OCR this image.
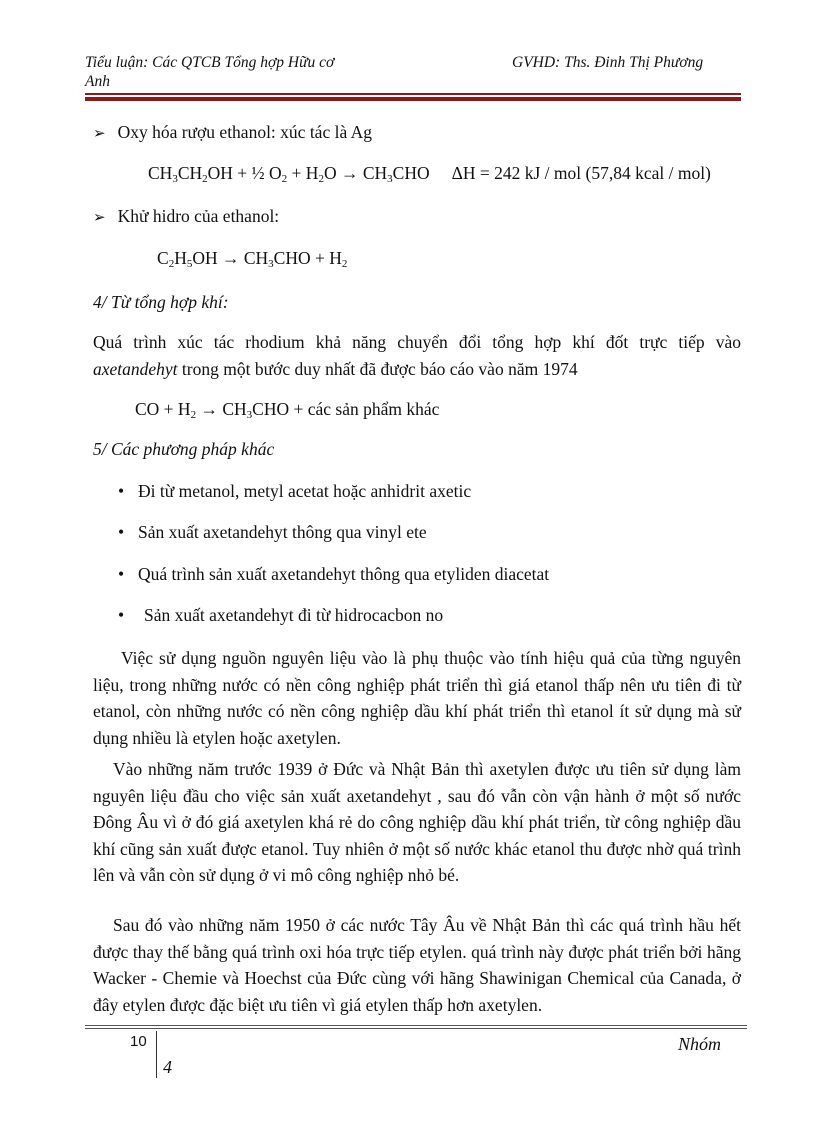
Tiểu luận: Các QTCB Tổng hợp Hữu cơ
Anh
GVHD: Ths. Đinh Thị Phương
➢ Oxy hóa rượu ethanol: xúc tác là Ag
$CH_3CH_2OH$ + ½ $O_2 + H_2O \to CH_3CHO$ ΔH = 242 kJ / mol (57,84 kcal / mol)
➢ Khử hidro của ethanol:
$C_2H_5OH \to CH_3CHO + H_2$
4/ Từ tổng hợp khí:
Quá trình xúc tác rhodium khả năng chuyển đổi tổng hợp khí đốt trực tiếp vào
axetandehyt trong một bước duy nhất đã được báo cáo vào năm 1974
CO + $H_2 \to CH_3CHO$ + các sản phẩm khác
5/ Các phương pháp khác
• Đi từ metanol, metyl acetat hoặc anhidrit axetic
• Sản xuất axetandehyt thông qua vinyl ete
• Quá trình sản xuất axetandehyt thông qua etyliden diacetat
• Sản xuất axetandehyt đi từ hidrocacbon no
Việc sử dụng nguồn nguyên liệu vào là phụ thuộc vào tính hiệu quả của từng nguyên liệu, trong những nước có nền công nghiệp phát triển thì giá etanol thấp nên ưu tiên đi từ etanol, còn những nước có nền công nghiệp dầu khí phát triển thì etanol ít sử dụng mà sử dụng nhiều là etylen hoặc axetylen.
Vào những năm trước 1939 ở Đức và Nhật Bản thì axetylen được ưu tiên sử dụng làm nguyên liệu đầu cho việc sản xuất axetandehyt , sau đó vẫn còn vận hành ở một số nước Đông Âu vì ở đó giá axetylen khá rẻ do công nghiệp dầu khí phát triển, từ công nghiệp dầu khí cũng sản xuất được etanol. Tuy nhiên ở một số nước khác etanol thu được nhờ quá trình lên và vẫn còn sử dụng ở vi mô công nghiệp nhỏ bé.
Sau đó vào những năm 1950 ở các nước Tây Âu về Nhật Bản thì các quá trình hầu hết được thay thế bằng quá trình oxi hóa trực tiếp etylen. quá trình này được phát triển bởi hãng Wacker - Chemie và Hoechst của Đức cùng với hãng Shawinigan Chemical của Canada, ở đây etylen được đặc biệt ưu tiên vì giá etylen thấp hơn axetylen.
10	Nhóm
4
